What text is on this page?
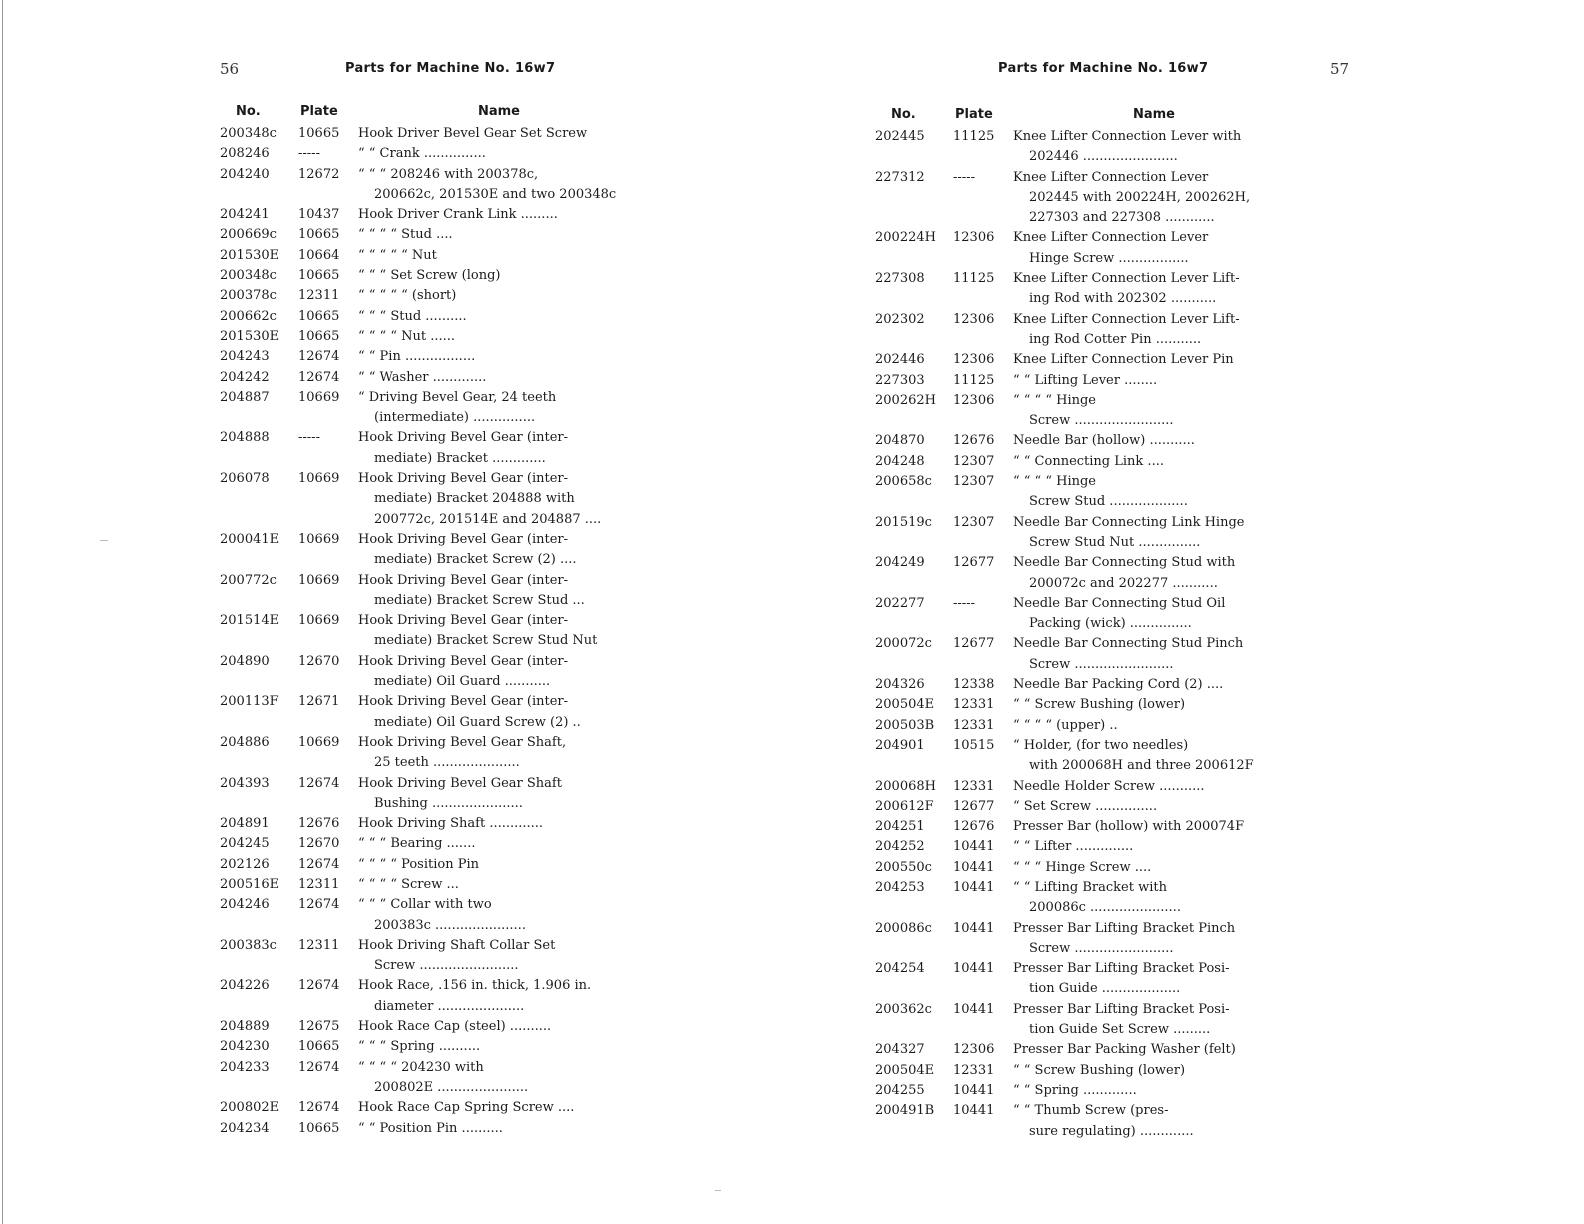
56	Parts for Machine No. 16w7
No.	Plate	Name
200348c	10665	Hook Driver Bevel Gear Set Screw
208246	-----	“ “ Crank ...............
204240	12672	“ “ “ 208246 with 200378c,
200662c, 201530E and two 200348c
204241	10437	Hook Driver Crank Link .........
200669c	10665	“ “ “ “ Stud ....
201530E	10664	“ “ “ “ “ Nut
200348c	10665	“ “ “ Set Screw (long)
200378c	12311	“ “ “ “ “ (short)
200662c	10665	“ “ “ Stud ..........
201530E	10665	“ “ “ “ Nut ......
204243	12674	“ “ Pin .................
204242	12674	“ “ Washer .............
204887	10669	“ Driving Bevel Gear, 24 teeth
(intermediate) ...............
204888	-----	Hook Driving Bevel Gear (inter-
mediate) Bracket .............
206078	10669	Hook Driving Bevel Gear (inter-
mediate) Bracket 204888 with
200772c, 201514E and 204887 ....
200041E	10669	Hook Driving Bevel Gear (inter-
mediate) Bracket Screw (2) ....
200772c	10669	Hook Driving Bevel Gear (inter-
mediate) Bracket Screw Stud ...
201514E	10669	Hook Driving Bevel Gear (inter-
mediate) Bracket Screw Stud Nut
204890	12670	Hook Driving Bevel Gear (inter-
mediate) Oil Guard ...........
200113F	12671	Hook Driving Bevel Gear (inter-
mediate) Oil Guard Screw (2) ..
204886	10669	Hook Driving Bevel Gear Shaft,
25 teeth .....................
204393	12674	Hook Driving Bevel Gear Shaft
Bushing ......................
204891	12676	Hook Driving Shaft .............
204245	12670	“ “ “ Bearing .......
202126	12674	“ “ “ “ Position Pin
200516E	12311	“ “ “ “ Screw ...
204246	12674	“ “ “ Collar with two
200383c ......................
200383c	12311	Hook Driving Shaft Collar Set
Screw ........................
204226	12674	Hook Race, .156 in. thick, 1.906 in.
diameter .....................
204889	12675	Hook Race Cap (steel) ..........
204230	10665	“ “ “ Spring ..........
204233	12674	“ “ “ “ 204230 with
200802E ......................
200802E	12674	Hook Race Cap Spring Screw ....
204234	10665	“ “ Position Pin ..........
57
Parts for Machine No. 16w7
No.	Plate	Name
202445	11125	Knee Lifter Connection Lever with
202446 .......................
227312	-----	Knee Lifter Connection Lever
202445 with 200224H, 200262H,
227303 and 227308 ............
200224H	12306	Knee Lifter Connection Lever
Hinge Screw .................
227308	11125	Knee Lifter Connection Lever Lift-
ing Rod with 202302 ...........
202302	12306	Knee Lifter Connection Lever Lift-
ing Rod Cotter Pin ...........
202446	12306	Knee Lifter Connection Lever Pin
227303	11125	“ “ Lifting Lever ........
200262H	12306	“ “ “ “ Hinge
Screw ........................
204870	12676	Needle Bar (hollow) ...........
204248	12307	“ “ Connecting Link ....
200658c	12307	“ “ “ “ Hinge
Screw Stud ...................
201519c	12307	Needle Bar Connecting Link Hinge
Screw Stud Nut ...............
204249	12677	Needle Bar Connecting Stud with
200072c and 202277 ...........
202277	-----	Needle Bar Connecting Stud Oil
Packing (wick) ...............
200072c	12677	Needle Bar Connecting Stud Pinch
Screw ........................
204326	12338	Needle Bar Packing Cord (2) ....
200504E	12331	“ “ Screw Bushing (lower)
200503B	12331	“ “ “ “ (upper) ..
204901	10515	“ Holder, (for two needles)
with 200068H and three 200612F
200068H	12331	Needle Holder Screw ...........
200612F	12677	“ Set Screw ...............
204251	12676	Presser Bar (hollow) with 200074F
204252	10441	“ “ Lifter ..............
200550c	10441	“ “ “ Hinge Screw ....
204253	10441	“ “ Lifting Bracket with
200086c ......................
200086c	10441	Presser Bar Lifting Bracket Pinch
Screw ........................
204254	10441	Presser Bar Lifting Bracket Posi-
tion Guide ...................
200362c	10441	Presser Bar Lifting Bracket Posi-
tion Guide Set Screw .........
204327	12306	Presser Bar Packing Washer (felt)
200504E	12331	“ “ Screw Bushing (lower)
204255	10441	“ “ Spring .............
200491B	10441	“ “ Thumb Screw (pres-
sure regulating) .............
